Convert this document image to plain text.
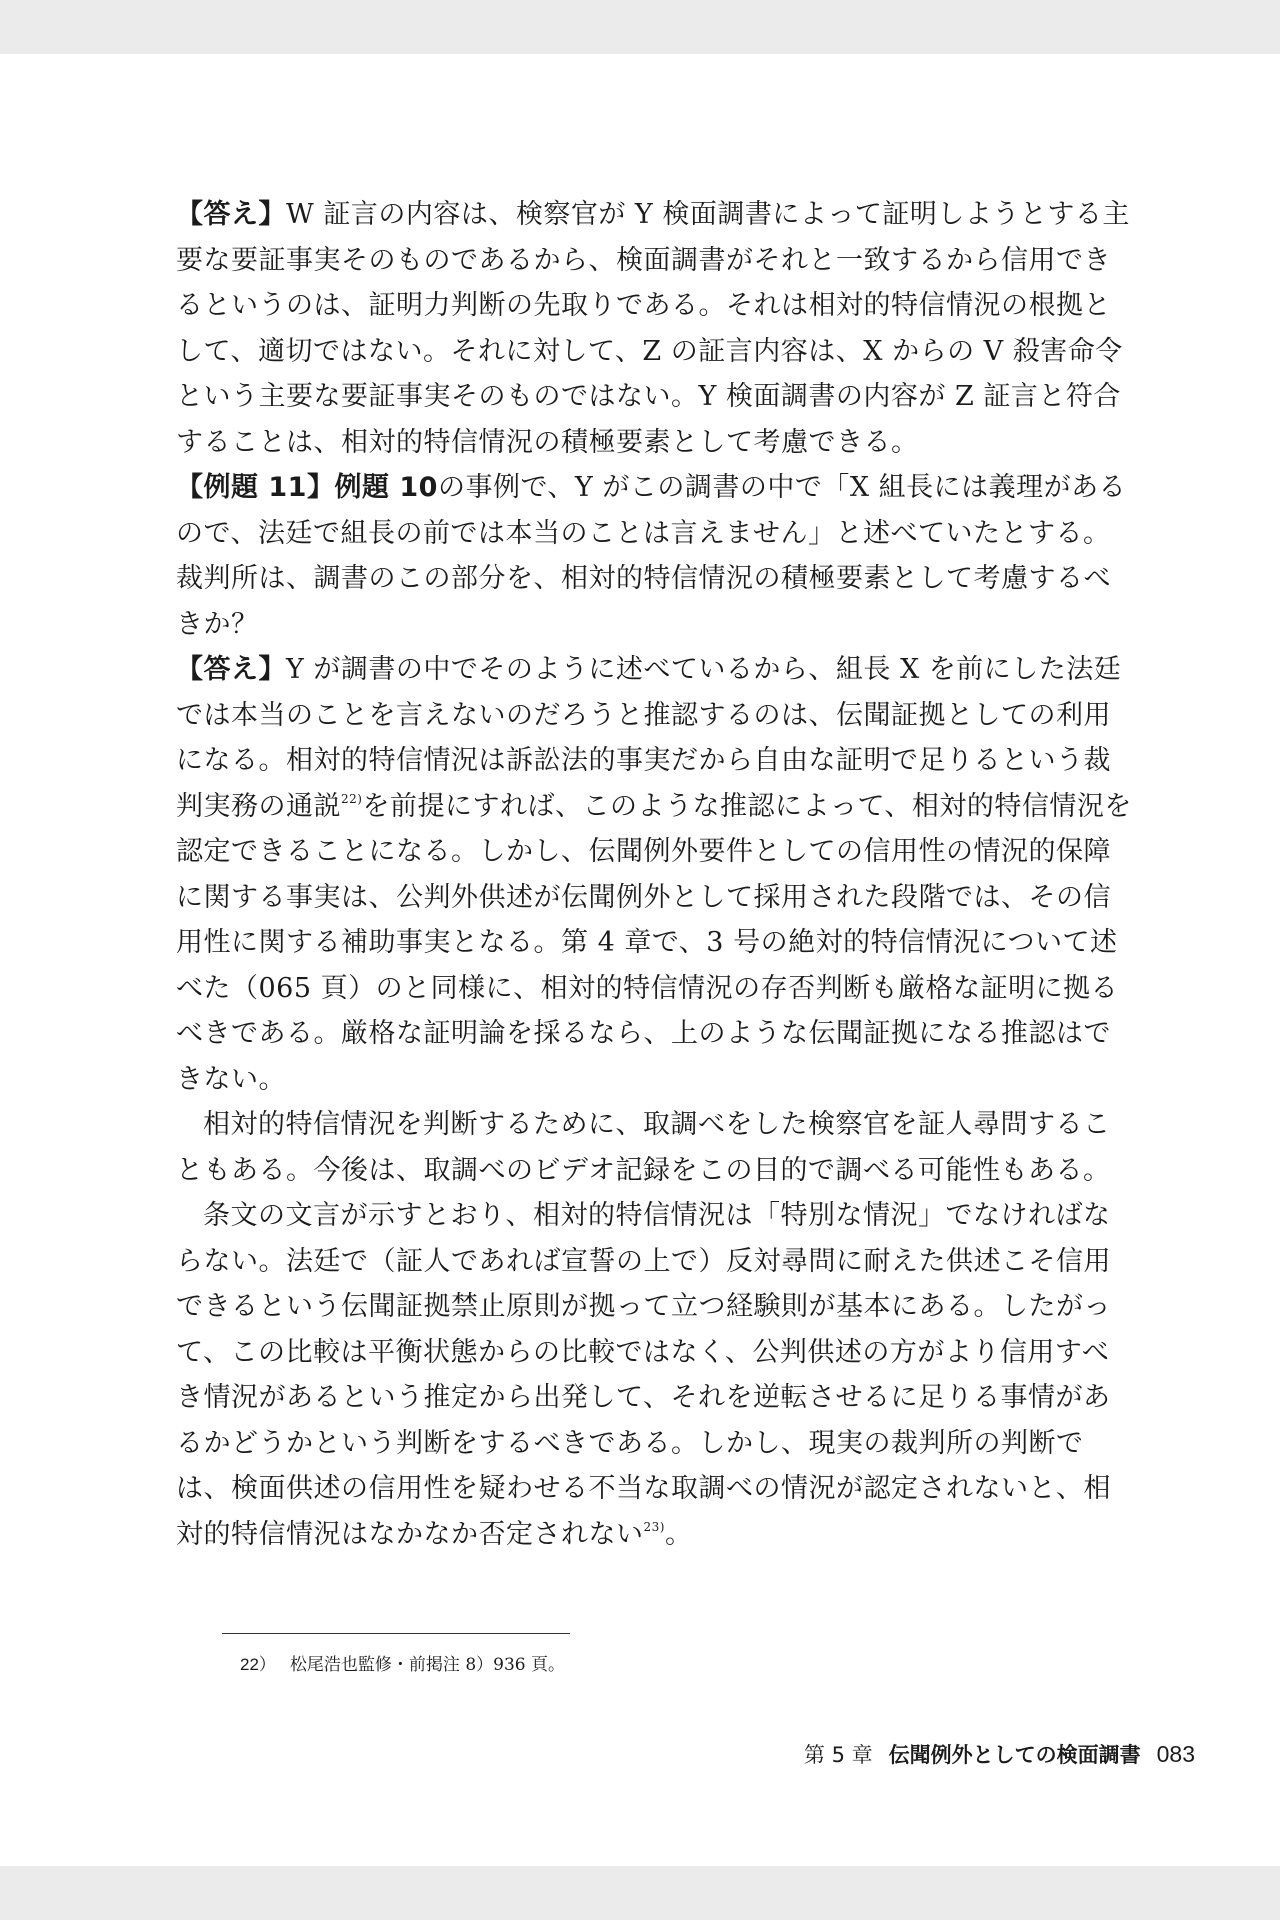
【答え】W 証言の内容は、検察官が Y 検面調書によって証明しようとする主要な要証事実そのものであるから、検面調書がそれと一致するから信用できるというのは、証明力判断の先取りである。それは相対的特信情況の根拠として、適切ではない。それに対して、Z の証言内容は、X からの V 殺害命令という主要な要証事実そのものではない。Y 検面調書の内容が Z 証言と符合することは、相対的特信情況の積極要素として考慮できる。

【例題 11】例題 10の事例で、Y がこの調書の中で「X 組長には義理があるので、法廷で組長の前では本当のことは言えません」と述べていたとする。裁判所は、調書のこの部分を、相対的特信情況の積極要素として考慮するべきか？

【答え】Y が調書の中でそのように述べているから、組長 X を前にした法廷では本当のことを言えないのだろうと推認するのは、伝聞証拠としての利用になる。相対的特信情況は訴訟法的事実だから自由な証明で足りるという裁判実務の通説$^{22)}$を前提にすれば、このような推認によって、相対的特信情況を認定できることになる。しかし、伝聞例外要件としての信用性の情況的保障に関する事実は、公判外供述が伝聞例外として採用された段階では、その信用性に関する補助事実となる。第 4 章で、3 号の絶対的特信情況について述べた（065 頁）のと同様に、相対的特信情況の存否判断も厳格な証明に拠るべきである。厳格な証明論を採るなら、上のような伝聞証拠になる推認はできない。

相対的特信情況を判断するために、取調べをした検察官を証人尋問することもある。今後は、取調べのビデオ記録をこの目的で調べる可能性もある。

条文の文言が示すとおり、相対的特信情況は「特別な情況」でなければならない。法廷で（証人であれば宣誓の上で）反対尋問に耐えた供述こそ信用できるという伝聞証拠禁止原則が拠って立つ経験則が基本にある。したがって、この比較は平衡状態からの比較ではなく、公判供述の方がより信用すべき情況があるという推定から出発して、それを逆転させるに足りる事情があるかどうかという判断をするべきである。しかし、現実の裁判所の判断では、検面供述の信用性を疑わせる不当な取調べの情況が認定されないと、相対的特信情況はなかなか否定されない$^{23)}$。

22） 松尾浩也監修・前掲注 8）936 頁。
第 5 章 伝聞例外としての検面調書 083
